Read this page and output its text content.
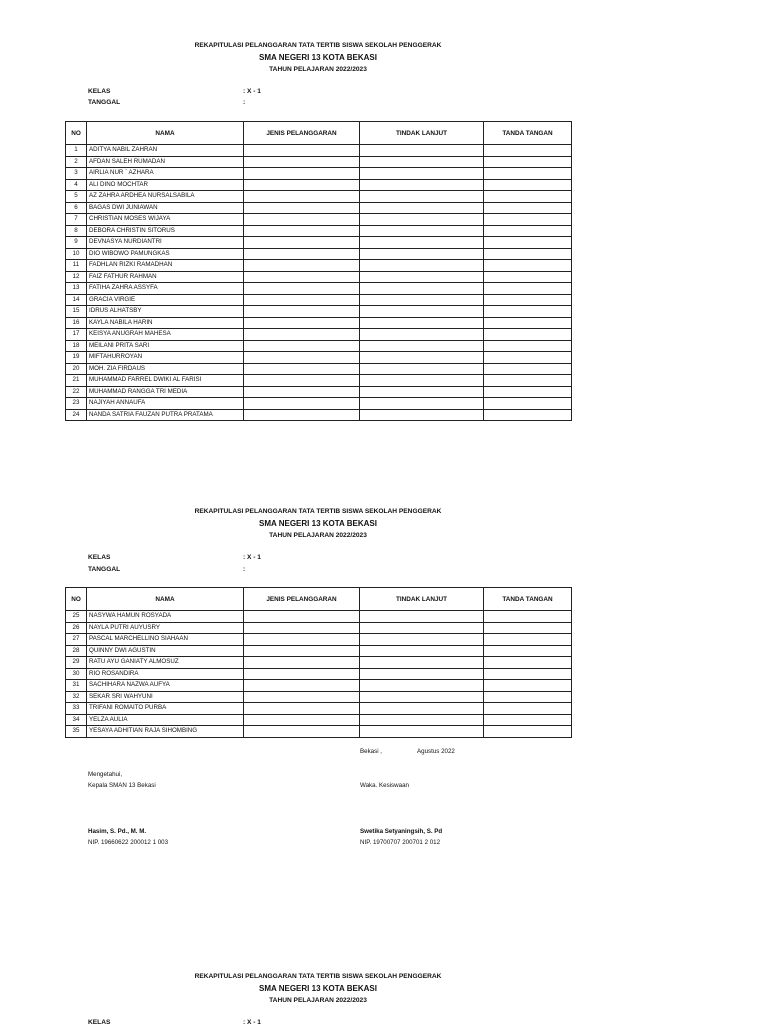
REKAPITULASI PELANGGARAN TATA TERTIB SISWA SEKOLAH PENGGERAK
SMA NEGERI 13 KOTA BEKASI
TAHUN PELAJARAN 2022/2023
KELAS	: X - 1
TANGGAL	:
NO	NAMA	JENIS PELANGGARAN	TINDAK LANJUT	TANDA TANGAN
1	ADITYA NABIL ZAHRAN			
2	AFDAN SALEH RUMADAN			
3	AIRLIA NUR ` AZHARA			
4	ALI DINO MOCHTAR			
5	AZ ZAHRA ARDHEA NURSALSABILA			
6	BAGAS DWI JUNIAWAN			
7	CHRISTIAN MOSES WIJAYA			
8	DEBORA CHRISTIN SITORUS			
9	DEVNASYA NURDIANTRI			
10	DIO WIBOWO PAMUNGKAS			
11	FADHLAN RIZKI RAMADHAN			
12	FAIZ FATHUR RAHMAN			
13	FATIHA ZAHRA ASSYFA			
14	GRACIA VIRGIE			
15	IDRUS ALHATSBY			
16	KAYLA NABILA HARIN			
17	KEISYA ANUGRAH MAHESA			
18	MEILANI PRITA SARI			
19	MIFTAHURROYAN			
20	MOH. ZIA FIRDAUS			
21	MUHAMMAD FARREL DWIKI AL FARISI			
22	MUHAMMAD RANGGA TRI MEDIA			
23	NAJIYAH ANNAUFA			
24	NANDA SATRIA FAUZAN PUTRA PRATAMA			
REKAPITULASI PELANGGARAN TATA TERTIB SISWA SEKOLAH PENGGERAK
SMA NEGERI 13 KOTA BEKASI
TAHUN PELAJARAN 2022/2023
KELAS	: X - 1
TANGGAL	:
NO	NAMA	JENIS PELANGGARAN	TINDAK LANJUT	TANDA TANGAN
25	NASYWA HAMUN ROSYADA			
26	NAYLA PUTRI AUYUSRY			
27	PASCAL MARCHELLINO SIAHAAN			
28	QUINNY DWI AGUSTIN			
29	RATU AYU GANIATY ALMOSUZ			
30	RIO ROSANDIRA			
31	SACHIHARA NAZWA AUFYA			
32	SEKAR SRI WAHYUNI			
33	TRIFANI ROMAITO PURBA			
34	YELZA AULIA			
35	YESAYA ADHITIAN RAJA SIHOMBING			
Bekasi ,	Agustus 2022
Mengetahui,
Kepala SMAN 13 Bekasi	Waka. Kesiswaan
Hasim, S. Pd., M. M.
NIP. 19660622 200012 1 003
Swetika Setyaningsih, S. Pd
NIP. 19700707 200701 2 012
REKAPITULASI PELANGGARAN TATA TERTIB SISWA SEKOLAH PENGGERAK
SMA NEGERI 13 KOTA BEKASI
TAHUN PELAJARAN 2022/2023
KELAS	: X - 1
